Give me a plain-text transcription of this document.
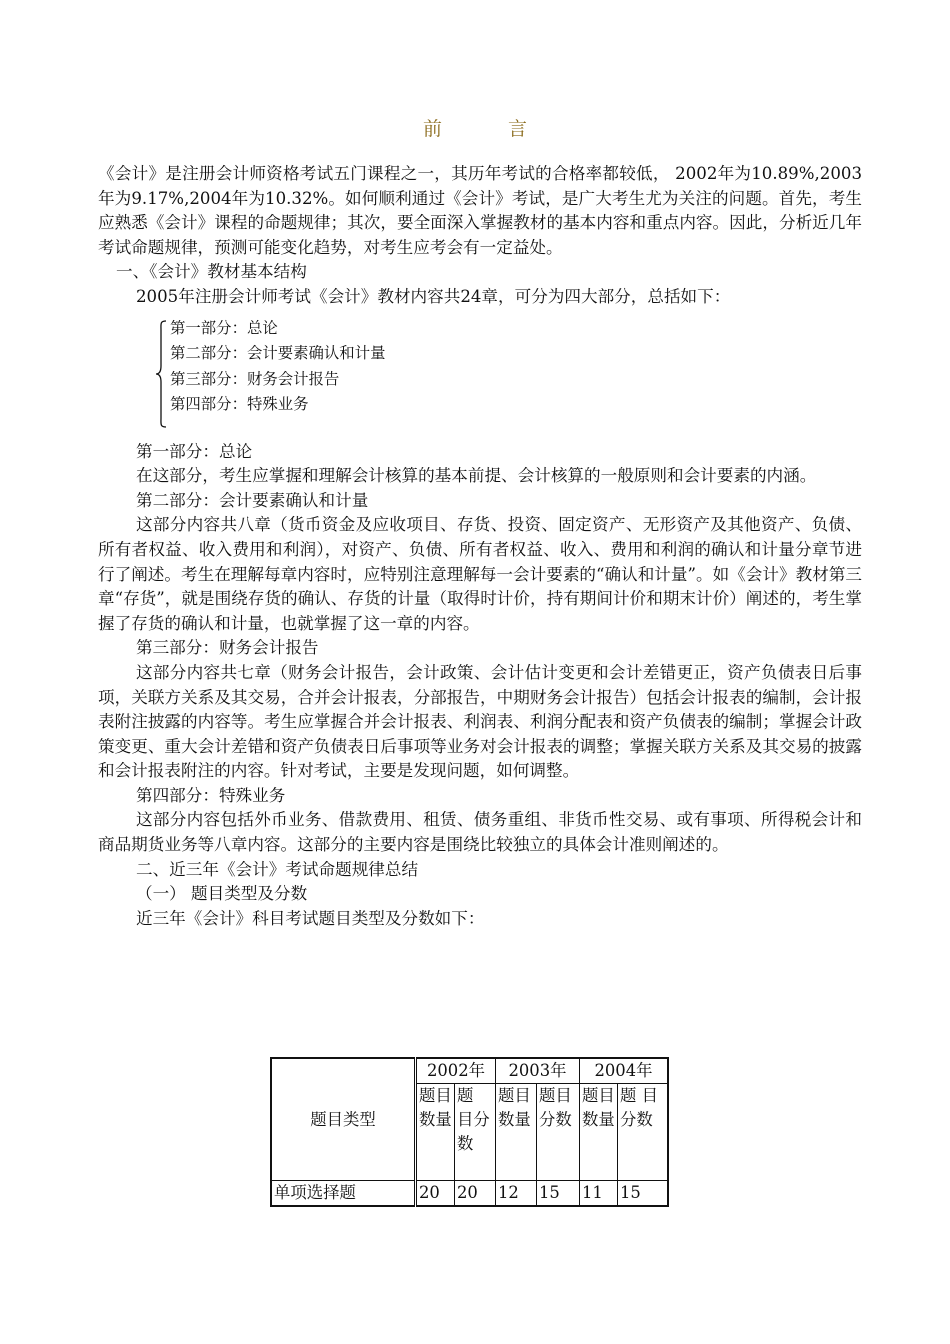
前 言

《会计》是注册会计师资格考试五门课程之一，其历年考试的合格率都较低， 2002年为10.89%,2003年为9.17%,2004年为10.32%。如何顺利通过《会计》考试，是广大考生尤为关注的问题。首先，考生应熟悉《会计》课程的命题规律；其次，要全面深入掌握教材的基本内容和重点内容。因此，分析近几年考试命题规律，预测可能变化趋势，对考生应考会有一定益处。

一、《会计》教材基本结构

2005年注册会计师考试《会计》教材内容共24章，可分为四大部分，总括如下：

第一部分：总论
第二部分：会计要素确认和计量
第三部分：财务会计报告
第四部分：特殊业务

第一部分：总论

在这部分，考生应掌握和理解会计核算的基本前提、会计核算的一般原则和会计要素的内涵。

第二部分：会计要素确认和计量

这部分内容共八章（货币资金及应收项目、存货、投资、固定资产、无形资产及其他资产、负债、所有者权益、收入费用和利润），对资产、负债、所有者权益、收入、费用和利润的确认和计量分章节进行了阐述。考生在理解每章内容时，应特别注意理解每一会计要素的“确认和计量”。如《会计》教材第三章“存货”，就是围绕存货的确认、存货的计量（取得时计价，持有期间计价和期末计价）阐述的，考生掌握了存货的确认和计量，也就掌握了这一章的内容。

第三部分：财务会计报告

这部分内容共七章（财务会计报告，会计政策、会计估计变更和会计差错更正，资产负债表日后事项，关联方关系及其交易，合并会计报表，分部报告，中期财务会计报告）包括会计报表的编制，会计报表附注披露的内容等。考生应掌握合并会计报表、利润表、利润分配表和资产负债表的编制；掌握会计政策变更、重大会计差错和资产负债表日后事项等业务对会计报表的调整；掌握关联方关系及其交易的披露和会计报表附注的内容。针对考试，主要是发现问题，如何调整。

第四部分：特殊业务

这部分内容包括外币业务、借款费用、租赁、债务重组、非货币性交易、或有事项、所得税会计和商品期货业务等八章内容。这部分的主要内容是围绕比较独立的具体会计准则阐述的。

二、近三年《会计》考试命题规律总结

（一） 题目类型及分数

近三年《会计》科目考试题目类型及分数如下：

题目类型	2002年		2003年		2004年	
	题目数量	题 目分数	题目数量	题目分数	题目数量	题 目分数
单项选择题	20	20	12	15	11	15
